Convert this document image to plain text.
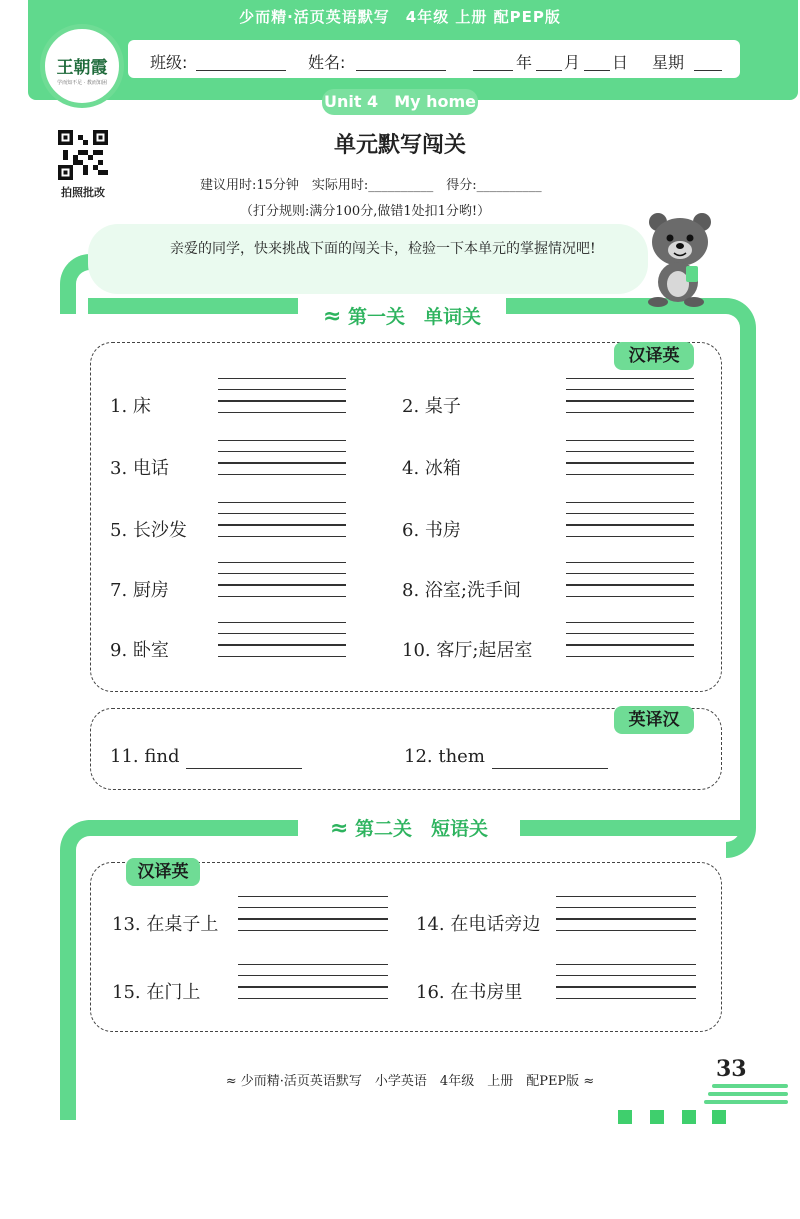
少而精·活页英语默写　4年级 上册 配PEP版
班级:	姓名:	年 月 日 星期
王朝霞
学而知不足 · 教而知困
Unit 4　My home
拍照批改
单元默写闯关
建议用时:15分钟　实际用时:__________　得分:__________
（打分规则:满分100分,做错1处扣1分哟!）
亲爱的同学，快来挑战下面的闯关卡，检验一下本单元的掌握情况吧!
≈ 第一关　单词关
汉译英
1. 床	2. 桌子
3. 电话	4. 冰箱
5. 长沙发	6. 书房
7. 厨房	8. 浴室;洗手间
9. 卧室	10. 客厅;起居室
英译汉
11. find	12. them
≈ 第二关　短语关
汉译英
13. 在桌子上	14. 在电话旁边
15. 在门上	16. 在书房里
≈ 少而精·活页英语默写　小学英语　4年级　上册　配PEP版 ≈	33
